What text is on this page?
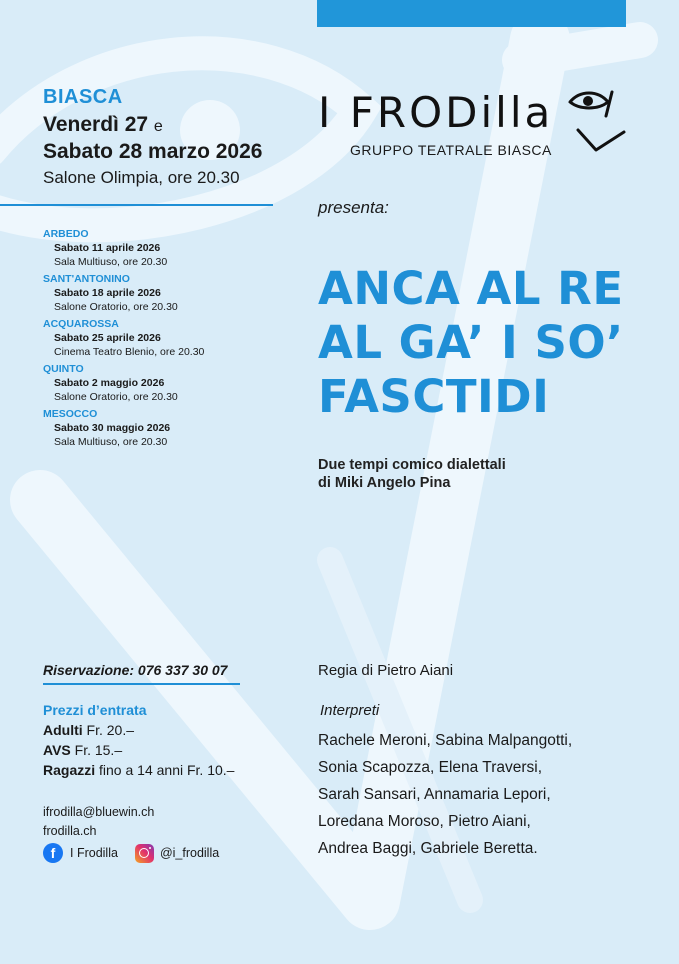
BIASCA
Venerdì 27 e
Sabato 28 marzo 2026
Salone Olimpia, ore 20.30
ARBEDO
Sabato 11 aprile 2026
Sala Multiuso, ore 20.30
SANT'ANTONINO
Sabato 18 aprile 2026
Salone Oratorio, ore 20.30
ACQUAROSSA
Sabato 25 aprile 2026
Cinema Teatro Blenio, ore 20.30
QUINTO
Sabato 2 maggio 2026
Salone Oratorio, ore 20.30
MESOCCO
Sabato 30 maggio 2026
Sala Multiuso, ore 20.30
I FRODilla
GRUPPO TEATRALE BIASCA
presenta:
ANCA AL RE
AL GA’ I SO’
FASCTIDI
Due tempi comico dialettali
di Miki Angelo Pina
Riservazione: 076 337 30 07
Prezzi d’entrata
Adulti Fr. 20.–
AVS Fr. 15.–
Ragazzi fino a 14 anni Fr. 10.–
ifrodilla@bluewin.ch
frodilla.ch
f	I Frodilla	@i_frodilla
Regia di Pietro Aiani
Interpreti
Rachele Meroni, Sabina Malpangotti,
Sonia Scapozza, Elena Traversi,
Sarah Sansari, Annamaria Lepori,
Loredana Moroso, Pietro Aiani,
Andrea Baggi, Gabriele Beretta.
